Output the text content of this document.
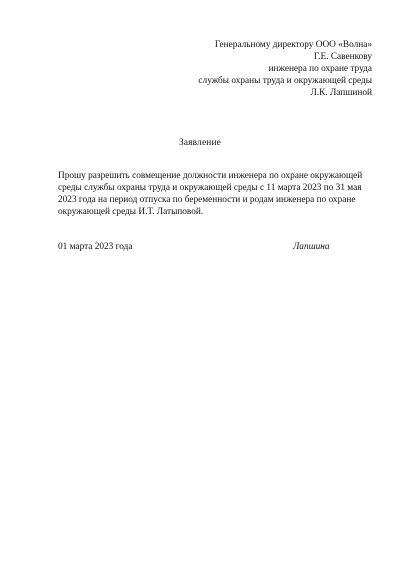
Генеральному директору ООО «Волна»
Г.Е. Савенкову
инженера по охране труда
службы охраны труда и окружающей среды
Л.К. Лапшиной
Заявление
Прошу разрешить совмещение должности инженера по охране окружающей
среды службы охраны труда и окружающей среды с 11 марта 2023 по 31 мая
2023 года на период отпуска по беременности и родам инженера по охране
окружающей среды И.Т. Латыповой.
01 марта 2023 года	Лапшина
